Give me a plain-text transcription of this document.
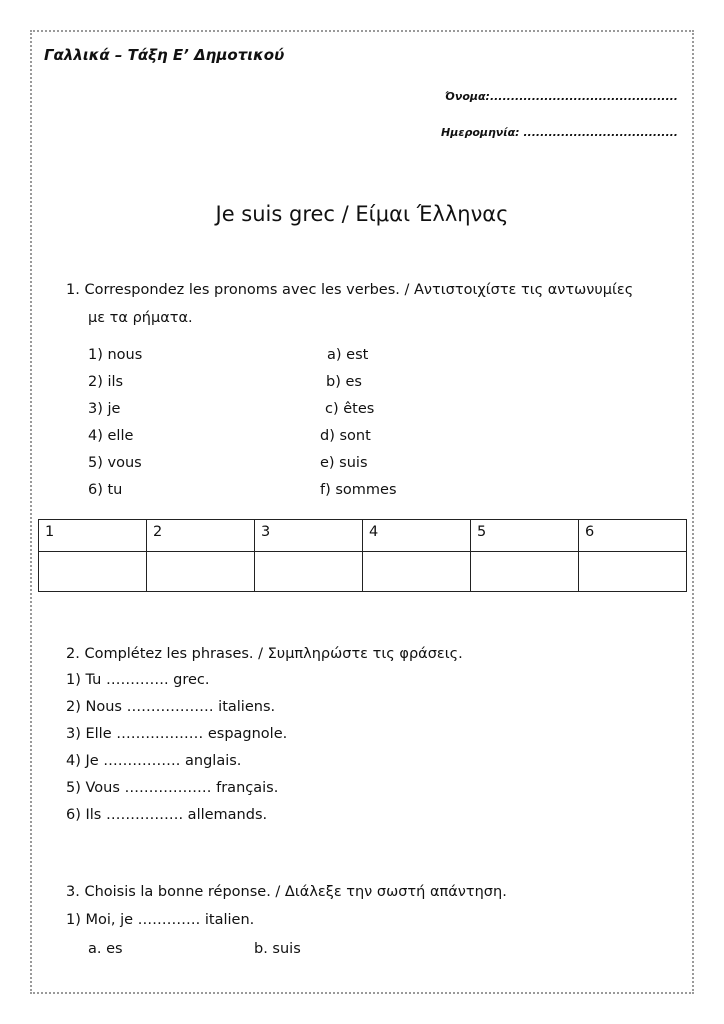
Γαλλικά – Τάξη Ε’ Δημοτικού
Όνομα:.............................................
Ημερομηνία: .....................................
Je suis grec / Είμαι Έλληνας
1. Correspondez les pronoms avec les verbes. / Αντιστοιχίστε τις αντωνυμίες
με τα ρήματα.
1) nous
2) ils
3) je
4) elle
5) vous
6) tu
a) est
b) es
c) êtes
d) sont
e) suis
f) sommes
1	2	3	4	5	6

2. Complétez les phrases. / Συμπληρώστε τις φράσεις.
1) Tu …………. grec.
2) Nous ……………… italiens.
3) Elle ……………… espagnole.
4) Je ……………. anglais.
5) Vous ……………… français.
6) Ils ……………. allemands.
3. Choisis la bonne réponse. / Διάλεξε την σωστή απάντηση.
1) Moi, je …………. italien.
a. es	b. suis
